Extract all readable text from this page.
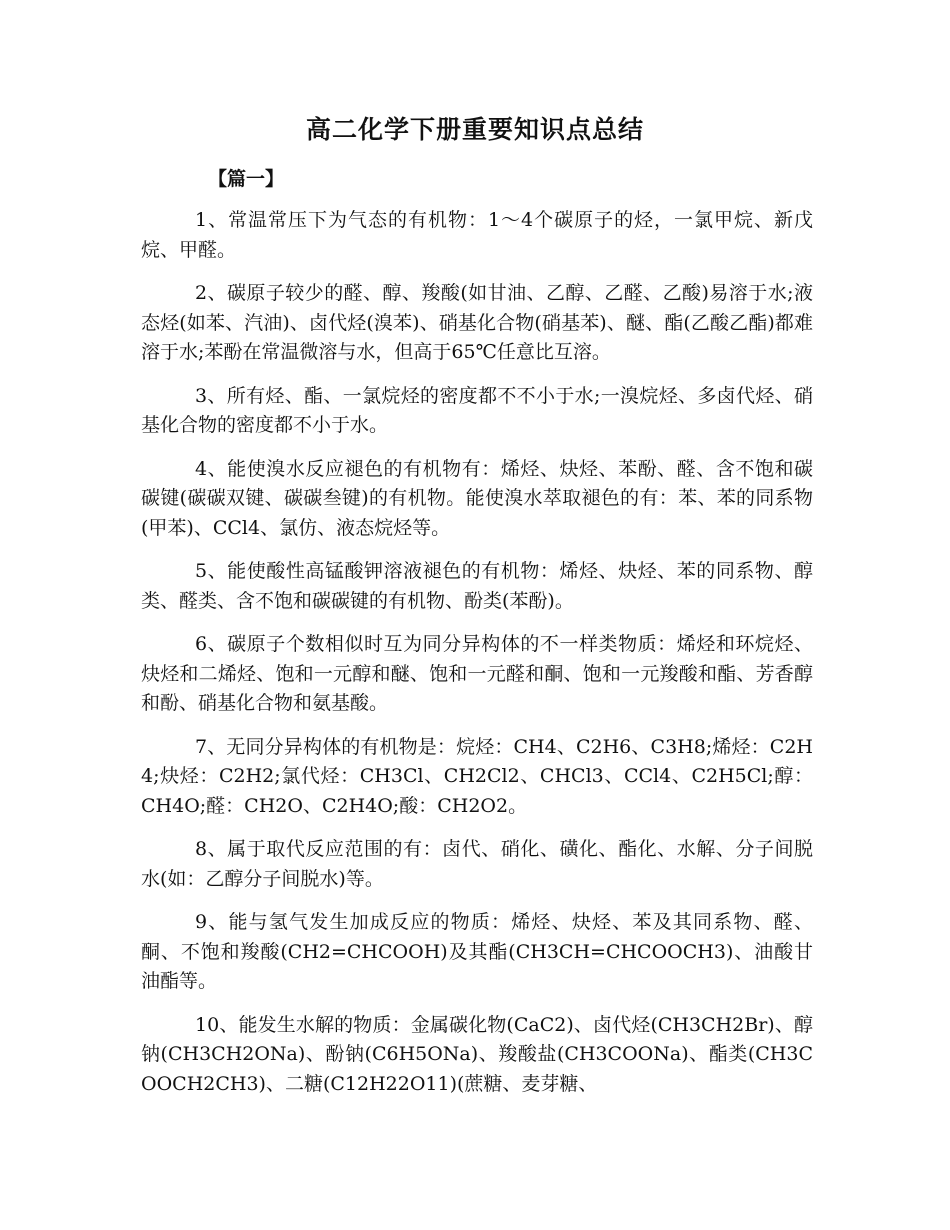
高二化学下册重要知识点总结
【篇一】

1、常温常压下为气态的有机物：1～4个碳原子的烃，一氯甲烷、新戊烷、甲醛。

2、碳原子较少的醛、醇、羧酸(如甘油、乙醇、乙醛、乙酸)易溶于水;液态烃(如苯、汽油)、卤代烃(溴苯)、硝基化合物(硝基苯)、醚、酯(乙酸乙酯)都难溶于水;苯酚在常温微溶与水，但高于65℃任意比互溶。

3、所有烃、酯、一氯烷烃的密度都不不小于水;一溴烷烃、多卤代烃、硝基化合物的密度都不小于水。

4、能使溴水反应褪色的有机物有：烯烃、炔烃、苯酚、醛、含不饱和碳碳键(碳碳双键、碳碳叁键)的有机物。能使溴水萃取褪色的有：苯、苯的同系物(甲苯)、CCl4、氯仿、液态烷烃等。

5、能使酸性高锰酸钾溶液褪色的有机物：烯烃、炔烃、苯的同系物、醇类、醛类、含不饱和碳碳键的有机物、酚类(苯酚)。

6、碳原子个数相似时互为同分异构体的不一样类物质：烯烃和环烷烃、炔烃和二烯烃、饱和一元醇和醚、饱和一元醛和酮、饱和一元羧酸和酯、芳香醇和酚、硝基化合物和氨基酸。

7、无同分异构体的有机物是：烷烃：CH4、C2H6、C3H8;烯烃：C2H4;炔烃：C2H2;氯代烃：CH3Cl、CH2Cl2、CHCl3、CCl4、C2H5Cl;醇：CH4O;醛：CH2O、C2H4O;酸：CH2O2。

8、属于取代反应范围的有：卤代、硝化、磺化、酯化、水解、分子间脱水(如：乙醇分子间脱水)等。

9、能与氢气发生加成反应的物质：烯烃、炔烃、苯及其同系物、醛、酮、不饱和羧酸(CH2=CHCOOH)及其酯(CH3CH=CHCOOCH3)、油酸甘油酯等。

10、能发生水解的物质：金属碳化物(CaC2)、卤代烃(CH3CH2Br)、醇钠(CH3CH2ONa)、酚钠(C6H5ONa)、羧酸盐(CH3COONa)、酯类(CH3COOCH2CH3)、二糖(C12H22O11)(蔗糖、麦芽糖、
